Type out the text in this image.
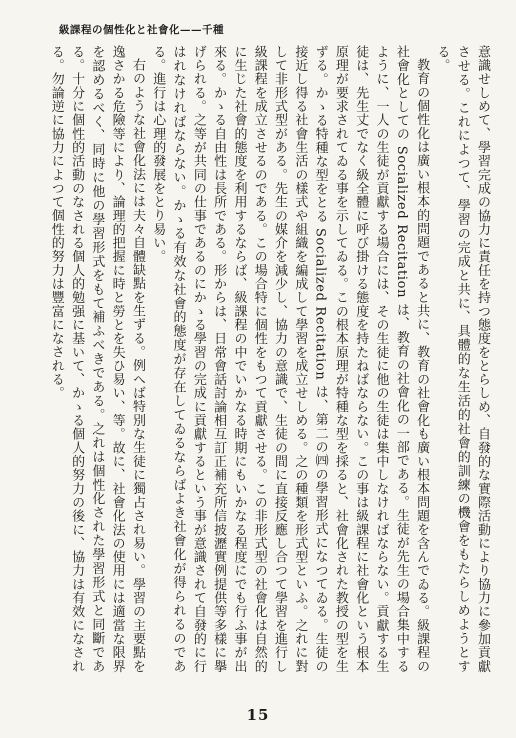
級課程の個性化と社會化——千種

意識せしめて、學習完成の協力に責任を持つ態度をとらしめ、自發的な實際活動により協力に參加貢獻させる。これによつて、學習の完成と共に、具體的な生活的社會的訓練の機會をもたらしめようとする。

教育の個性化は廣い根本的問題であると共に、教育の社會化も廣い根本問題を含んでゐる。級課程の社會化としての Socialized Recitation は、教育の社會化の一部である。生徒が先生の場合集中するように、一人の生徒が貢獻する場合には、その生徒に他の生徒は集中しなければならない。貢獻する生徒は、先生丈でなく級全體に呼び掛ける態度を持たねばならない。この事は級課程に社會化という根本原理が要求されてゐる事を示してゐる。この根本原理が特種な型を採ると、社會化された教授の型を生ずる。かゝる特種な型をとる Socialized Recitation は、第二の㈣の學習形式になつてゐる。生徒の接近し得る社會生活の樣式や組織を編成して學習を成立せしめる。之の種類を形式型といふ。之れに對して非形式型がある。先生の媒介を減少し、協力の意識で、生徒の間に直接反應し合つて學習を進行し級課程を成立させるのである。この場合特に個性をもつて貢獻させる。この非形式型の社會化は自然的に生じた社會的態度を利用するならば、級課程の中でいかなる時期にもいかなる程度にでも行ふ事が出來る。かゝる自由性は長所である。形からは、日常會話討論相互訂正補充所信披瀝實例提供等多樣に擧げられる。之等が共同の仕事であるのにかゝる學習の完成に貢獻するという事が意識されて自發的に行はれなければならない。かゝる有效な社會的態度が存在してゐるならばよき社會化が得られるのである。進行は心理的發展をとり易い。

右のような社會化法には夫々自體缺點を生ずる。例へば特別な生徒に獨占され易い。學習の主要點を逸さかる危險等により、論理的把握に時と勞とを失ひ易い、等。故に、社會化法の使用には適當な限界を認めるべく、同時に他の學習形式をもて補ふべきである。之れは個性化された學習形式と同斷である。十分に個性的活動のなされる個人的勉强に基いて、かゝる個人的努力の後に、協力は有效になされる。勿論逆に協力によつて個性的努力は豐富になされる。

15
